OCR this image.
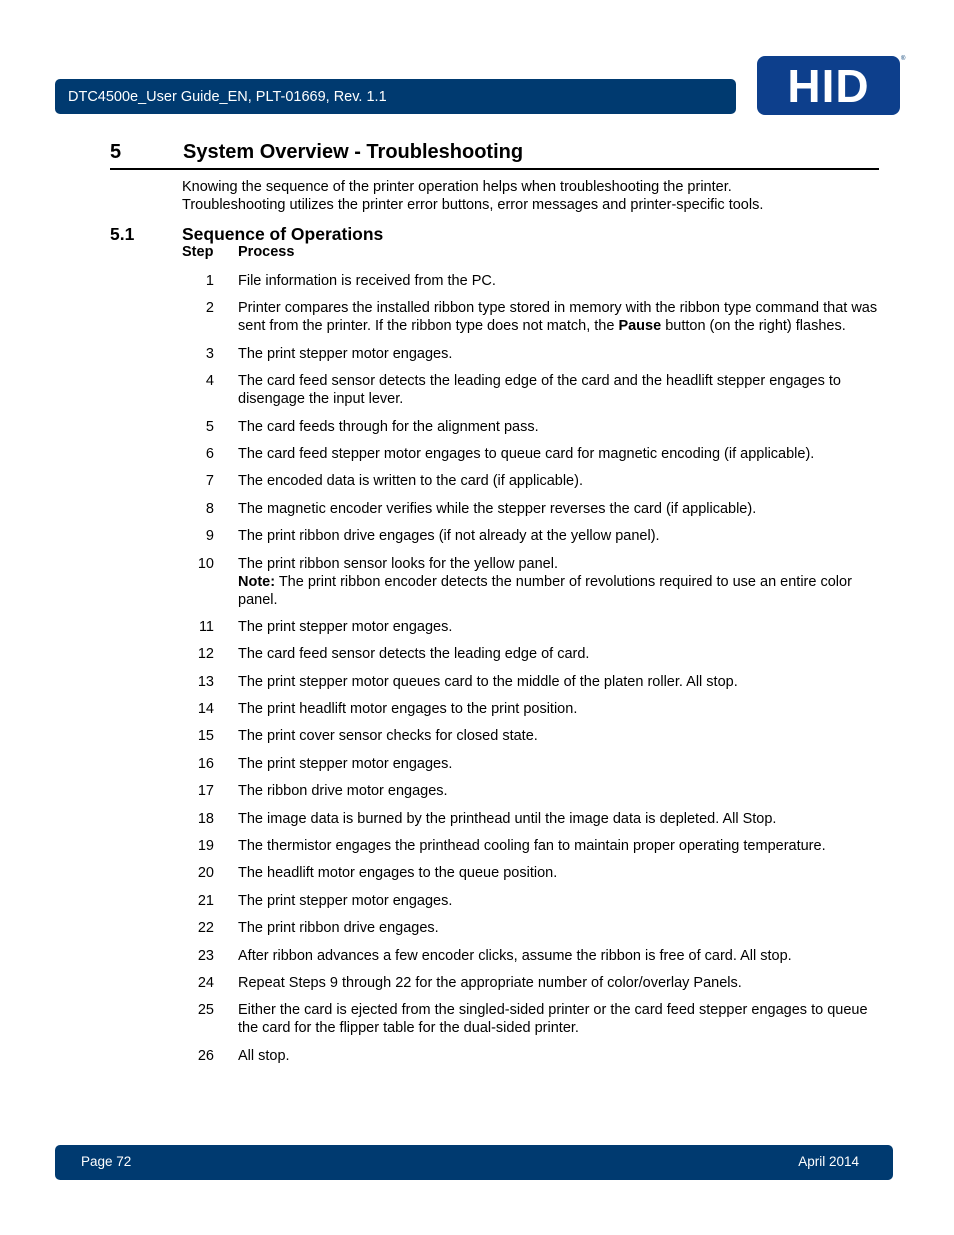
DTC4500e_User Guide_EN, PLT-01669, Rev. 1.1	HID
®
5	System Overview - Troubleshooting
Knowing the sequence of the printer operation helps when troubleshooting the printer.
Troubleshooting utilizes the printer error buttons, error messages and printer-specific tools.
5.1	Sequence of Operations
Step Process
1 File information is received from the PC.
2 Printer compares the installed ribbon type stored in memory with the ribbon type command that was sent from the printer. If the ribbon type does not match, the Pause button (on the right) flashes.
3 The print stepper motor engages.
4 The card feed sensor detects the leading edge of the card and the headlift stepper engages to disengage the input lever.
5 The card feeds through for the alignment pass.
6 The card feed stepper motor engages to queue card for magnetic encoding (if applicable).
7 The encoded data is written to the card (if applicable).
8 The magnetic encoder verifies while the stepper reverses the card (if applicable).
9 The print ribbon drive engages (if not already at the yellow panel).
10 The print ribbon sensor looks for the yellow panel.
Note: The print ribbon encoder detects the number of revolutions required to use an entire color panel.
11 The print stepper motor engages.
12 The card feed sensor detects the leading edge of card.
13 The print stepper motor queues card to the middle of the platen roller. All stop.
14 The print headlift motor engages to the print position.
15 The print cover sensor checks for closed state.
16 The print stepper motor engages.
17 The ribbon drive motor engages.
18 The image data is burned by the printhead until the image data is depleted. All Stop.
19 The thermistor engages the printhead cooling fan to maintain proper operating temperature.
20 The headlift motor engages to the queue position.
21 The print stepper motor engages.
22 The print ribbon drive engages.
23 After ribbon advances a few encoder clicks, assume the ribbon is free of card. All stop.
24 Repeat Steps 9 through 22 for the appropriate number of color/overlay Panels.
25 Either the card is ejected from the singled-sided printer or the card feed stepper engages to queue the card for the flipper table for the dual-sided printer.
26 All stop.
Page 72	April 2014
